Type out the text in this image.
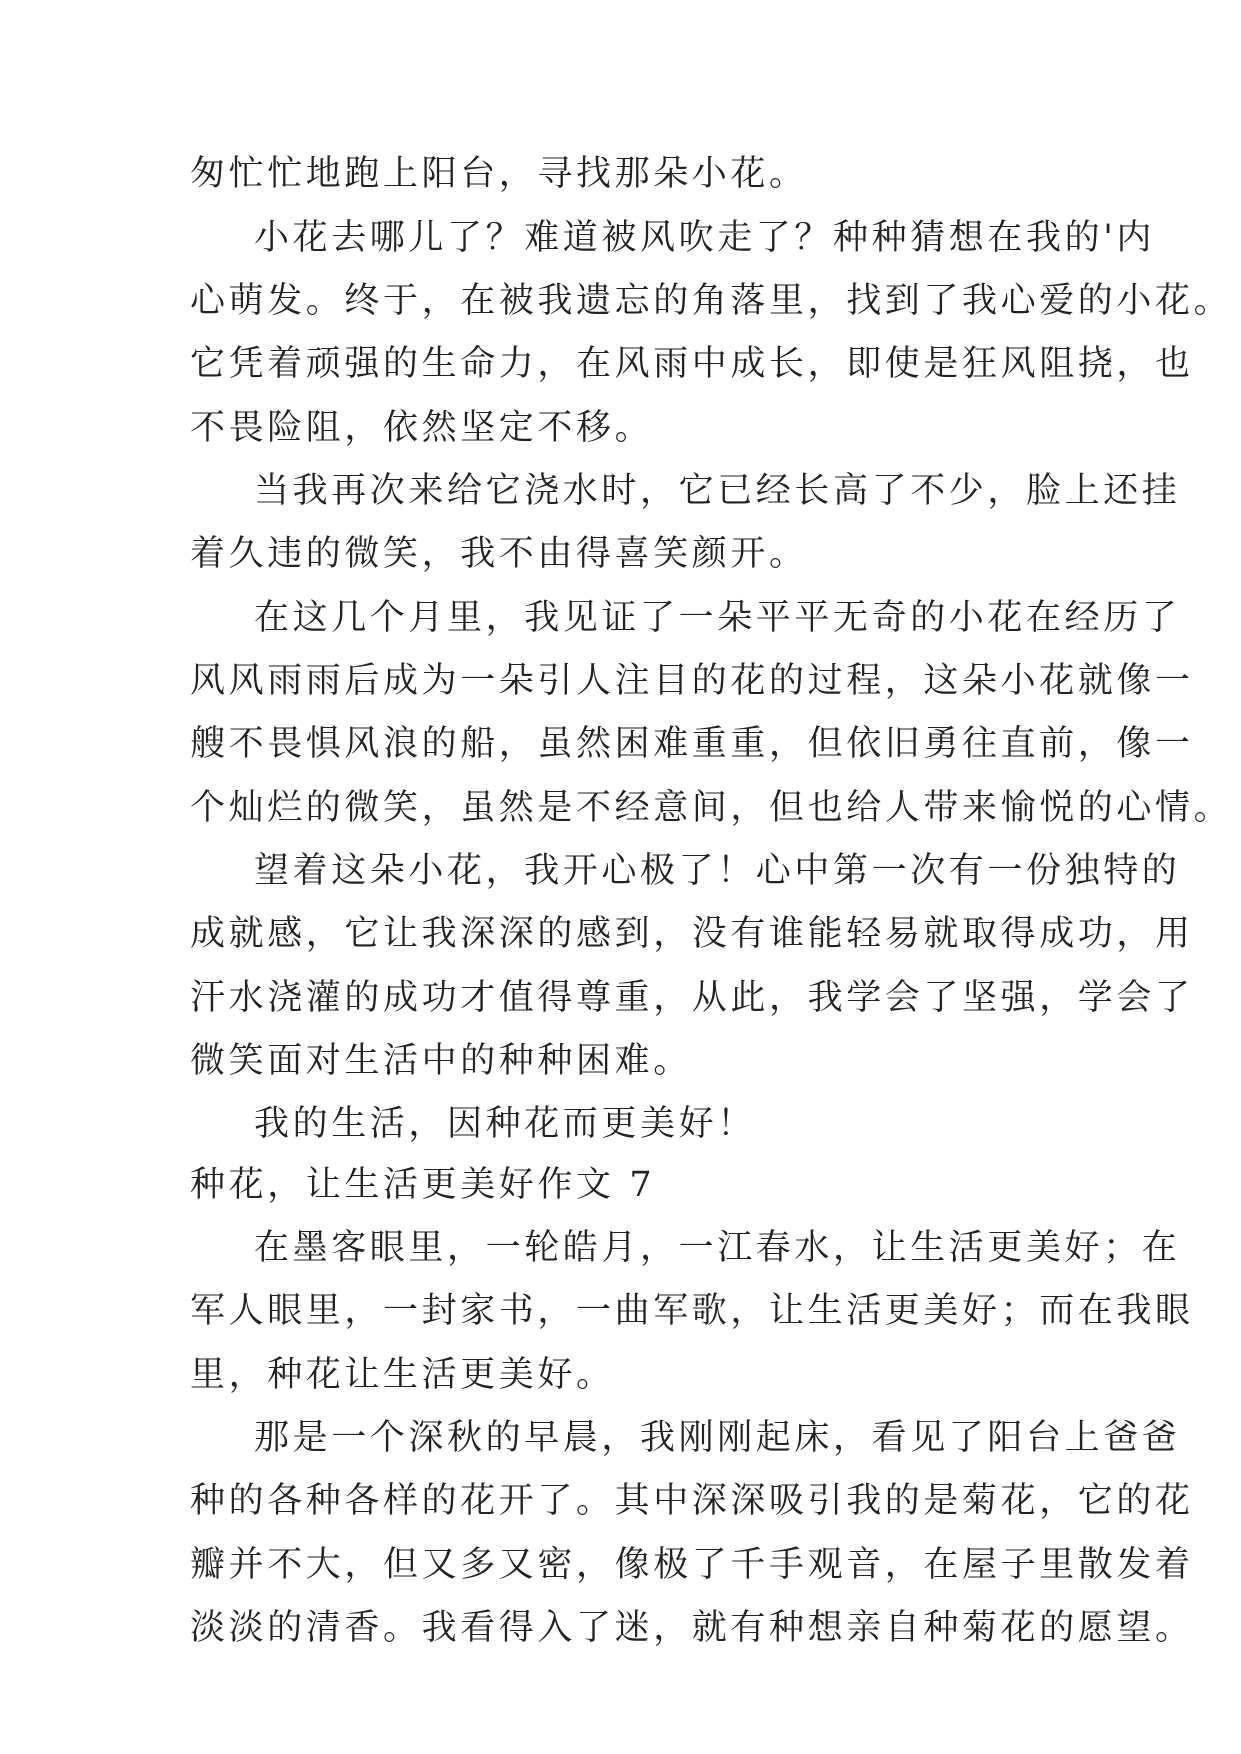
匆忙忙地跑上阳台，寻找那朵小花。
小花去哪儿了？难道被风吹走了？种种猜想在我的'内
心萌发。终于，在被我遗忘的角落里，找到了我心爱的小花。
它凭着顽强的生命力，在风雨中成长，即使是狂风阻挠，也
不畏险阻，依然坚定不移。
当我再次来给它浇水时，它已经长高了不少，脸上还挂
着久违的微笑，我不由得喜笑颜开。
在这几个月里，我见证了一朵平平无奇的小花在经历了
风风雨雨后成为一朵引人注目的花的过程，这朵小花就像一
艘不畏惧风浪的船，虽然困难重重，但依旧勇往直前，像一
个灿烂的微笑，虽然是不经意间，但也给人带来愉悦的心情。
望着这朵小花，我开心极了！心中第一次有一份独特的
成就感，它让我深深的感到，没有谁能轻易就取得成功，用
汗水浇灌的成功才值得尊重，从此，我学会了坚强，学会了
微笑面对生活中的种种困难。
我的生活，因种花而更美好！
种花，让生活更美好作文 7
在墨客眼里，一轮皓月，一江春水，让生活更美好；在
军人眼里，一封家书，一曲军歌，让生活更美好；而在我眼
里，种花让生活更美好。
那是一个深秋的早晨，我刚刚起床，看见了阳台上爸爸
种的各种各样的花开了。其中深深吸引我的是菊花，它的花
瓣并不大，但又多又密，像极了千手观音，在屋子里散发着
淡淡的清香。我看得入了迷，就有种想亲自种菊花的愿望。
